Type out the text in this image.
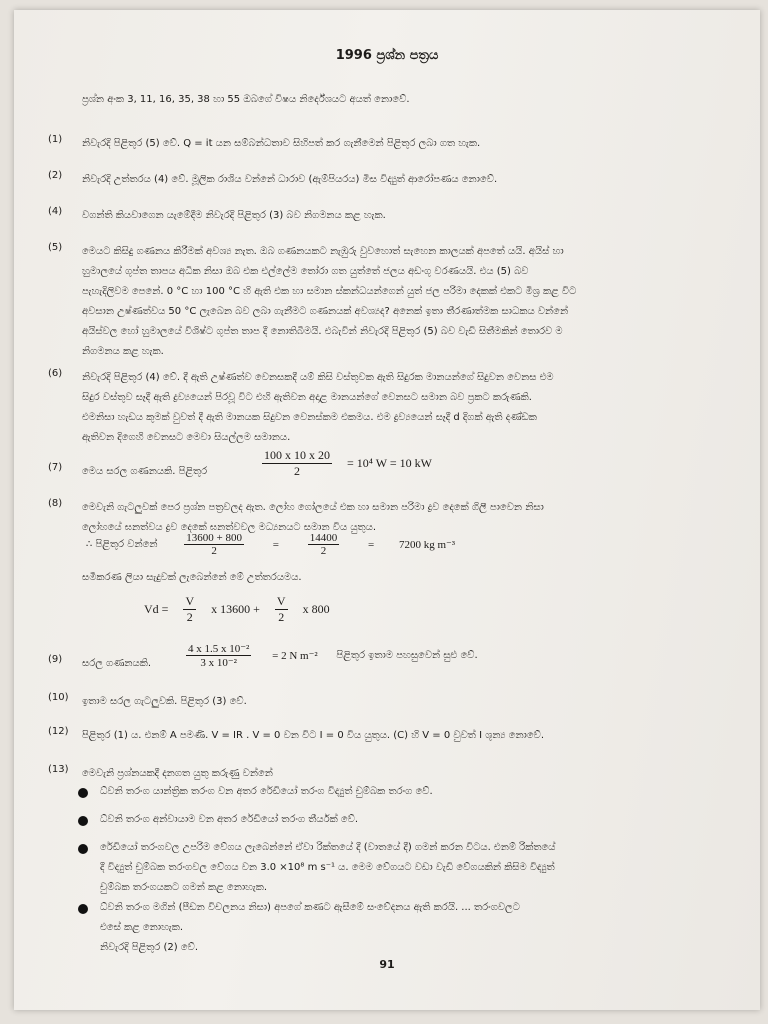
1996 ප්‍රශ්න පත්‍රය
ප්‍රශ්න අංක 3, 11, 16, 35, 38 හා 55 ඔබගේ විෂය නිර්දේශයට අයත් නොවේ.
(1)	නිවැරදි පිළිතුර (5) වේ. Q = it යන සම්බන්ධතාව සිහිපත් කර ගැනීමෙන් පිළිතුර ලබා ගත හැක.

(2)	නිවැරදි උත්තරය (4) වේ. මූලික රාශිය වන්නේ ධාරාව (ඇම්පියරය) මිස විද්‍යුත් ආරෝපණය නොවේ.

(4)	වගන්ති කියවාගෙන යැමේදීම නිවැරදි පිළිතුර (3) බව නිගමනය කළ හැක.

(5)	මෙයට කිසිදු ගණනය කිරීමක් අවශ්‍ය නැත. ඔබ ගණනයකට නැඹුරු වුවහොත් සැහෙන කාලයක් අපතේ යයි. අයිස් හා

හුමාලයේ ගුප්ත තාපය අධික නිසා ඔබ එක එල්ලේම තෝරා ගත යුත්තේ ජලය අඩංගු වරණයයි. එය (5) බව

පැහැදිලිවම පෙනේ. 0 °C හා 100 °C හි ඇති එක හා සමාන ස්කන්ධයන්ගෙන් යුත් ජල පරිමා දෙකක් එකට මිශ්‍ර කළ විට

අවසාන උෂ්ණත්වය 50 °C ලැබෙන බව ලබා ගැනීමට ගණනයක් අවශ්‍යද? අනෙක් ඉතා තීරණාත්මක සාධකය වන්නේ

අයිස්වල හෝ හුමාලයේ විශිෂ්ට ගුප්ත තාප දී නොතිබීමයි. එබැවින් නිවැරදි පිළිතුර (5) බව වැඩි සිතීමකින් තොරව ම

නිගමනය කළ හැක.

(6)	නිවැරදි පිළිතුර (4) වේ. දී ඇති උෂ්ණත්ව වෙනසකදී යම් කිසි වස්තුවක ඇති සිදුරක මානයන්ගේ සිදුවන වෙනස එම

සිදුර වස්තුව සෑදී ඇති ද්‍රව්‍යයෙන් පිරවූ විට එහි ඇතිවන අදාළ මානයන්ගේ වෙනසට සමාන බව ප්‍රකට කරුණකි.

එමනිසා හැඩය කුමක් වුවත් දී ඇති මානයක සිදුවන වෙනස්කම එකමය. එම ද්‍රව්‍යයෙන් සෑදී d දිගක් ඇති දණ්ඩක

ඇතිවන දිගෙහි වෙනසට මෙවා සියල්ලම සමානය.

(7)	මෙය සරල ගණනයකි. පිළිතුර	$\frac{100 x 10 x 20}{2} = 10^4$ W = 10 kW
(8)	මෙවැනි ගැටලුවක් පෙර ප්‍රශ්න පත්‍රවලද ඇත. ලෝහ ගෝලයේ එක හා සමාන පරිමා ද්‍රව දෙකේ ගිලී පාවෙන නිසා

ලෝහයේ ඝනත්වය ද්‍රව දෙකේ ඝනත්වවල මධ්‍යනයට සමාන විය යුතුය.

∴ පිළිතුර වන්නේ $\frac{13600 + 800}{2}$	=	$\frac{14400}{2}$	= 7200 kg m⁻³
සමීකරණ ලියා සැදුවක් ලැබෙන්නේ මේ උත්තරයමය.
$Vd = \frac{V}{2}$ x $13600 + \frac{V}{2}$ x 800
(9)	සරල ගණනයකි.	$\frac{\text{4 x 1.5 x 10⁻²}}{\text{3 x 10⁻²}} = 2$ N m⁻² පිළිතුර ඉතාම පහසුවෙන් සුළු වේ.
(10)	ඉතාම සරල ගැටලුවකි. පිළිතුර (3) වේ.

(12)	පිළිතුර (1) ය. එනම් A පමණි. V = IR . V = 0 වන විට I = 0 විය යුතුය. (C) හි V = 0 වුවත් I ශුන්‍ය නොවේ.

(13)	මෙවැනි ප්‍රශ්නයකදී දනගත යුතු කරුණු වන්නේ

ධ්වනි තරංග යාන්ත්‍රික තරංග වන අතර රේඩියෝ තරංග විද්‍යුත් චුම්බක තරංග වේ.

ධ්වනි තරංග අන්වායාම වන අතර රේඩියෝ තරංග තීර්යක් වේ.

රේඩියෝ තරංගවල උපරිම වේගය ලැබෙන්නේ ඒවා රික්තයේ දී (වාතයේ දී) ගමන් කරන විටය. එනම් රික්තයේ

දී විද්‍යුත් චුම්බක තරංගවල වේගය වන 3.0 ×10⁸ m s⁻¹ ය. මෙම වේගයට වඩා වැඩි වේගයකින් කිසිම විද්‍යුත්

චුම්බක තරංගයකට ගමන් කළ නොහැක.

ධ්වනි තරංග මගින් (පීඩන විචලනය නිසා) අපගේ කණට ඇසීමේ සංවේදනය ඇති කරයි. ... තරංගවලට

එසේ කළ නොහැක.

නිවැරදි පිළිතුර (2) වේ.

91
